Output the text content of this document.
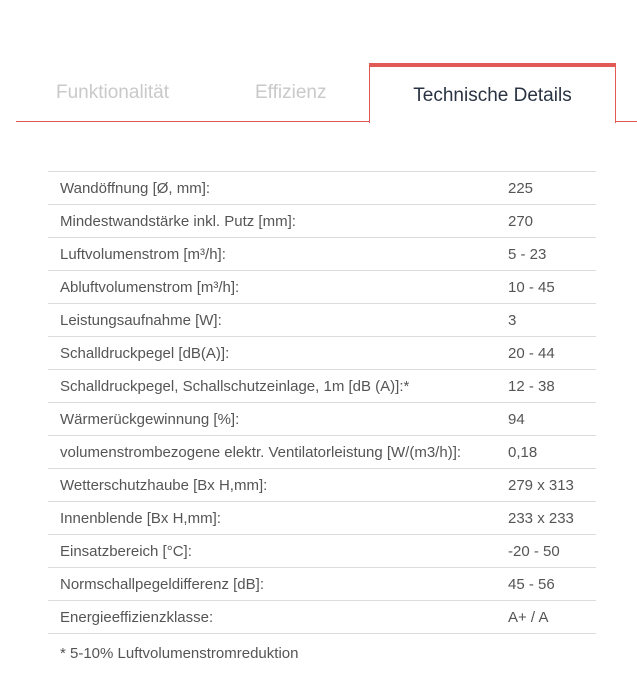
Funktionalität	Effizienz	Technische Details
Wandöffnung [Ø, mm]:	225
Mindestwandstärke inkl. Putz [mm]:	270
Luftvolumenstrom [m³/h]:	5 - 23
Abluftvolumenstrom [m³/h]:	10 - 45
Leistungsaufnahme [W]:	3
Schalldruckpegel [dB(A)]:	20 - 44
Schalldruckpegel, Schallschutzeinlage, 1m [dB (A)]:*	12 - 38
Wärmerückgewinnung [%]:	94
volumenstrombezogene elektr. Ventilatorleistung [W/(m3/h)]:	0,18
Wetterschutzhaube [Bx H,mm]:	279 x 313
Innenblende [Bx H,mm]:	233 x 233
Einsatzbereich [°C]:	-20 - 50
Normschallpegeldifferenz [dB]:	45 - 56
Energieeffizienzklasse:	A+ / A
* 5-10% Luftvolumenstromreduktion
